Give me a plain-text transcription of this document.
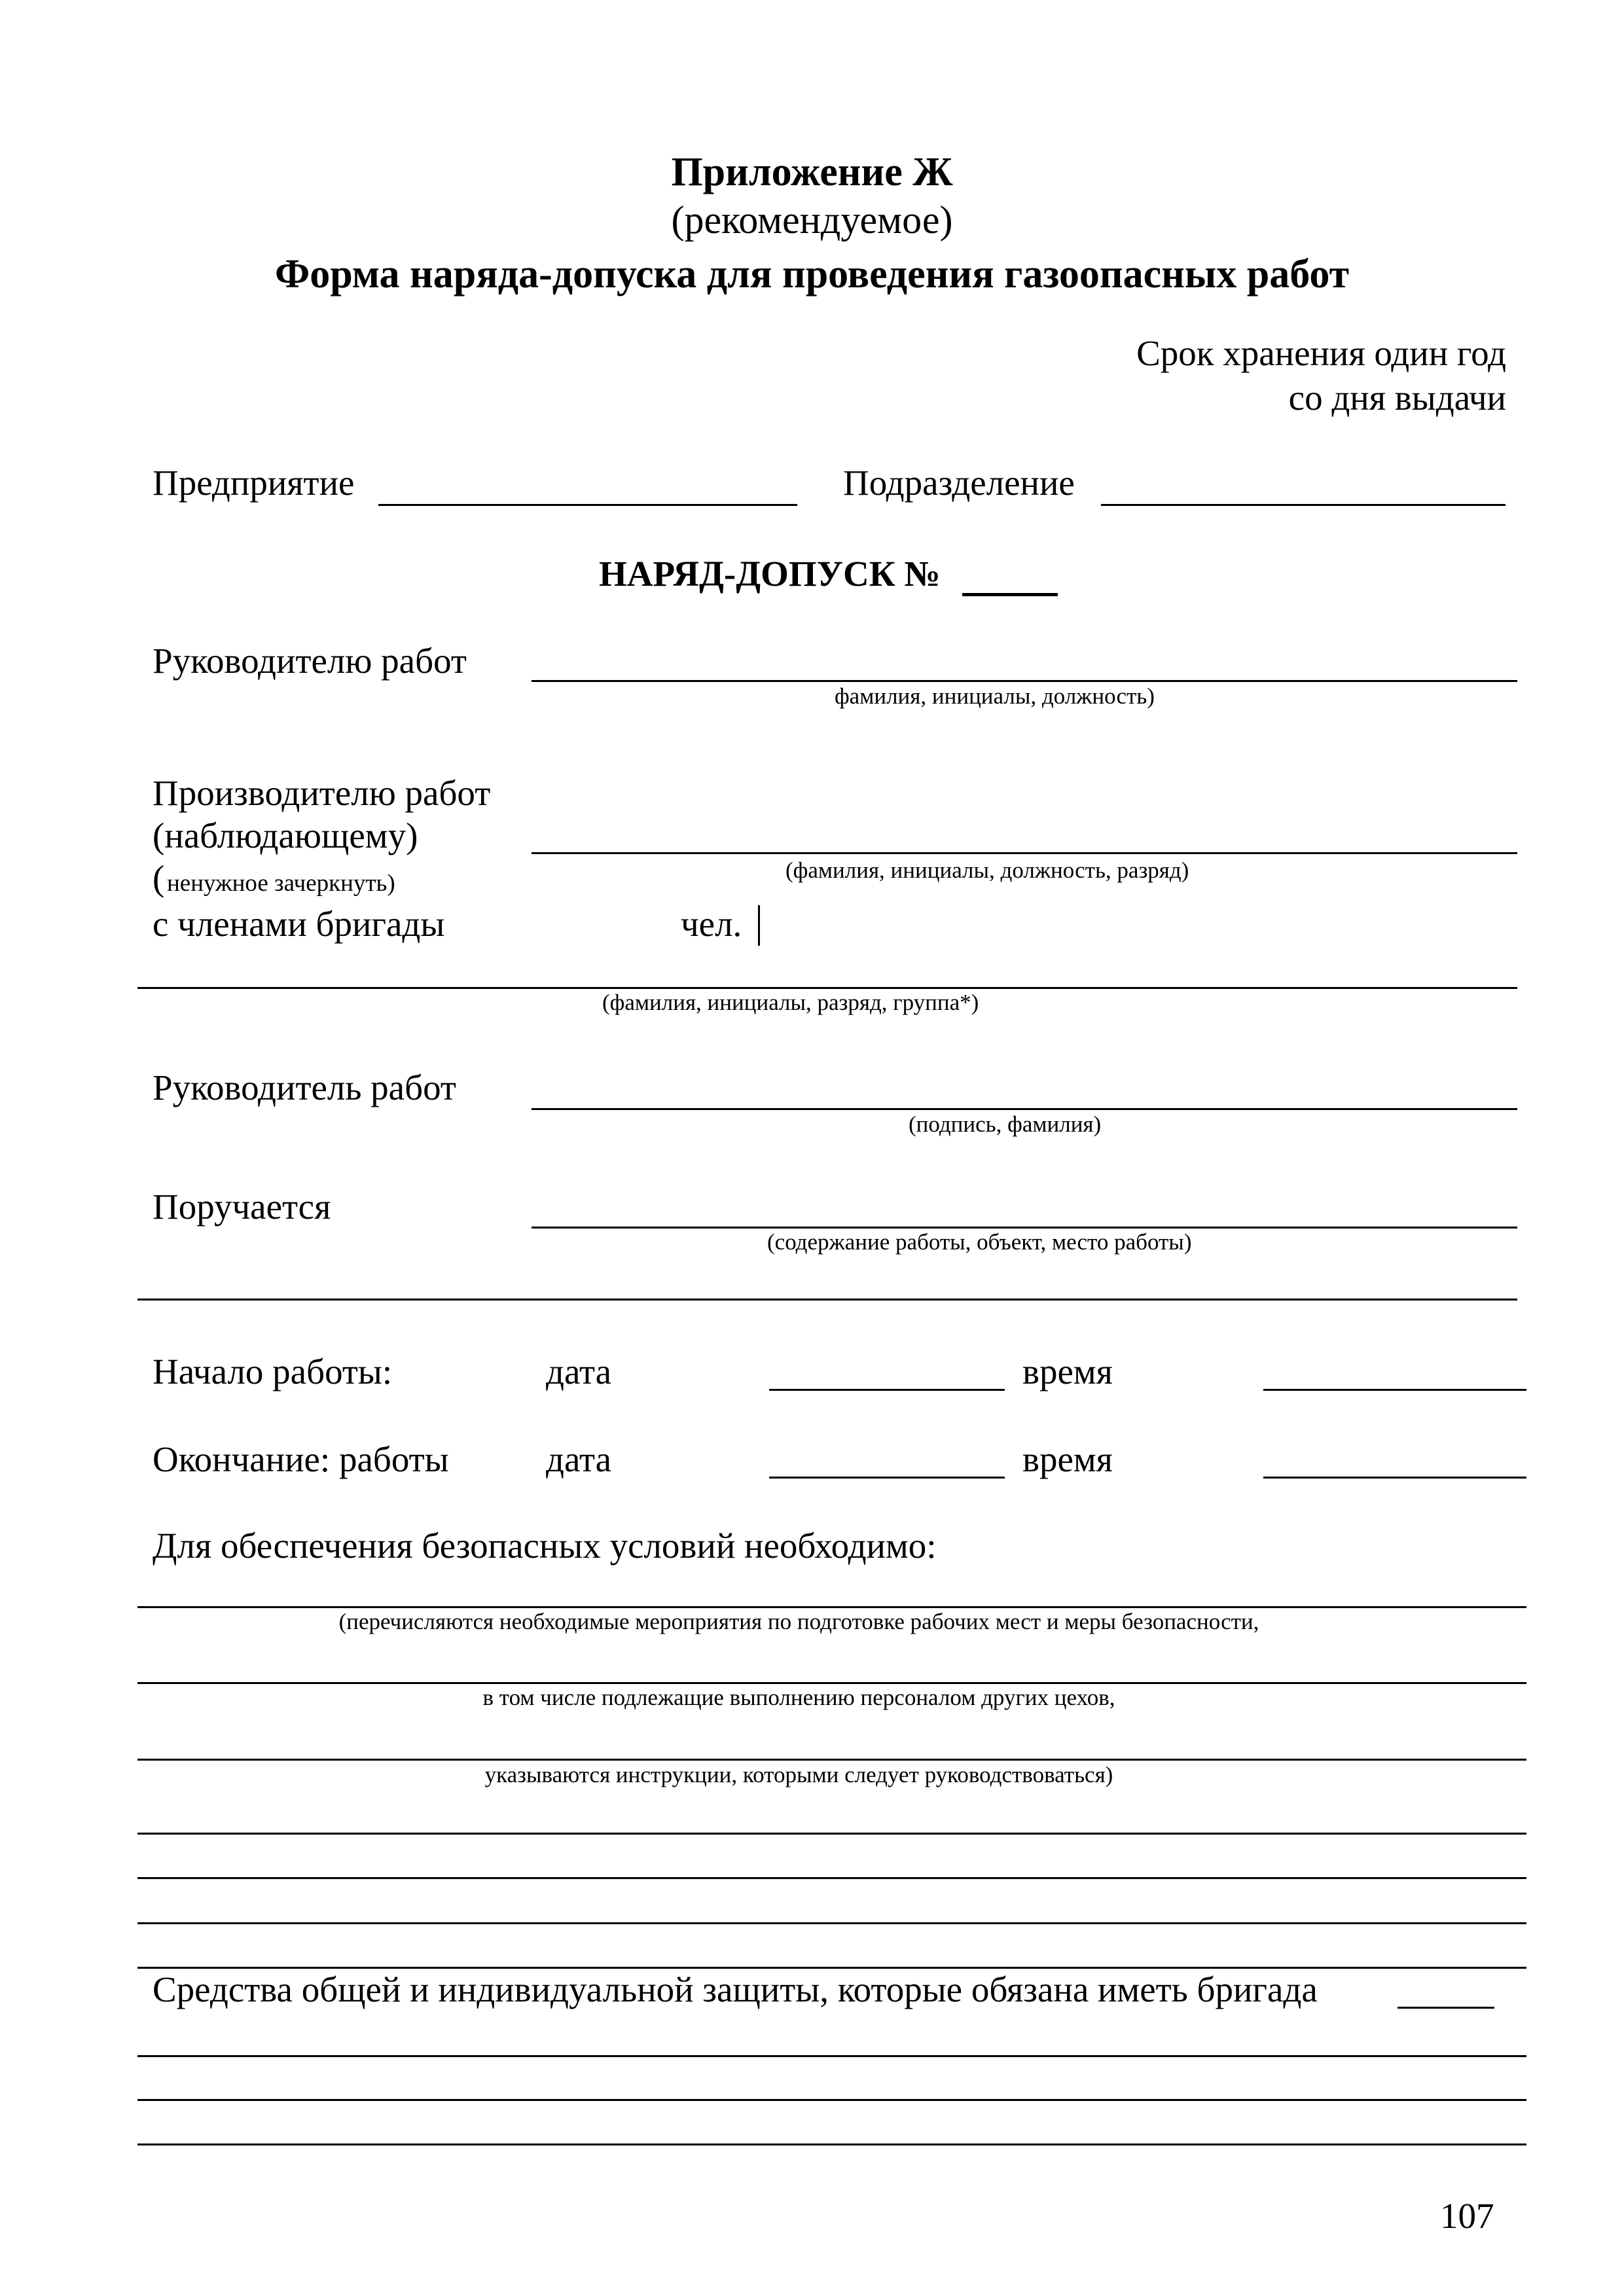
Приложение Ж
(рекомендуемое)
Форма наряда-допуска для проведения газоопасных работ
Срок хранения один год
со дня выдачи
Предприятие	Подразделение
НАРЯД-ДОПУСК №
Руководителю работ
фамилия, инициалы, должность)
Производителю работ
(наблюдающему)
( ненужное зачеркнуть)	(фамилия, инициалы, должность, разряд)
с членами бригады	чел.
(фамилия, инициалы, разряд, группа*)
Руководитель работ
(подпись, фамилия)
Поручается
(содержание работы, объект, место работы)
Начало работы:	дата	время
Окончание: работы	дата	время
Для обеспечения безопасных условий необходимо:
(перечисляются необходимые мероприятия по подготовке рабочих мест и меры безопасности,
в том числе подлежащие выполнению персоналом других цехов,
указываются инструкции, которыми следует руководствоваться)
Средства общей и индивидуальной защиты, которые обязана иметь бригада
107
